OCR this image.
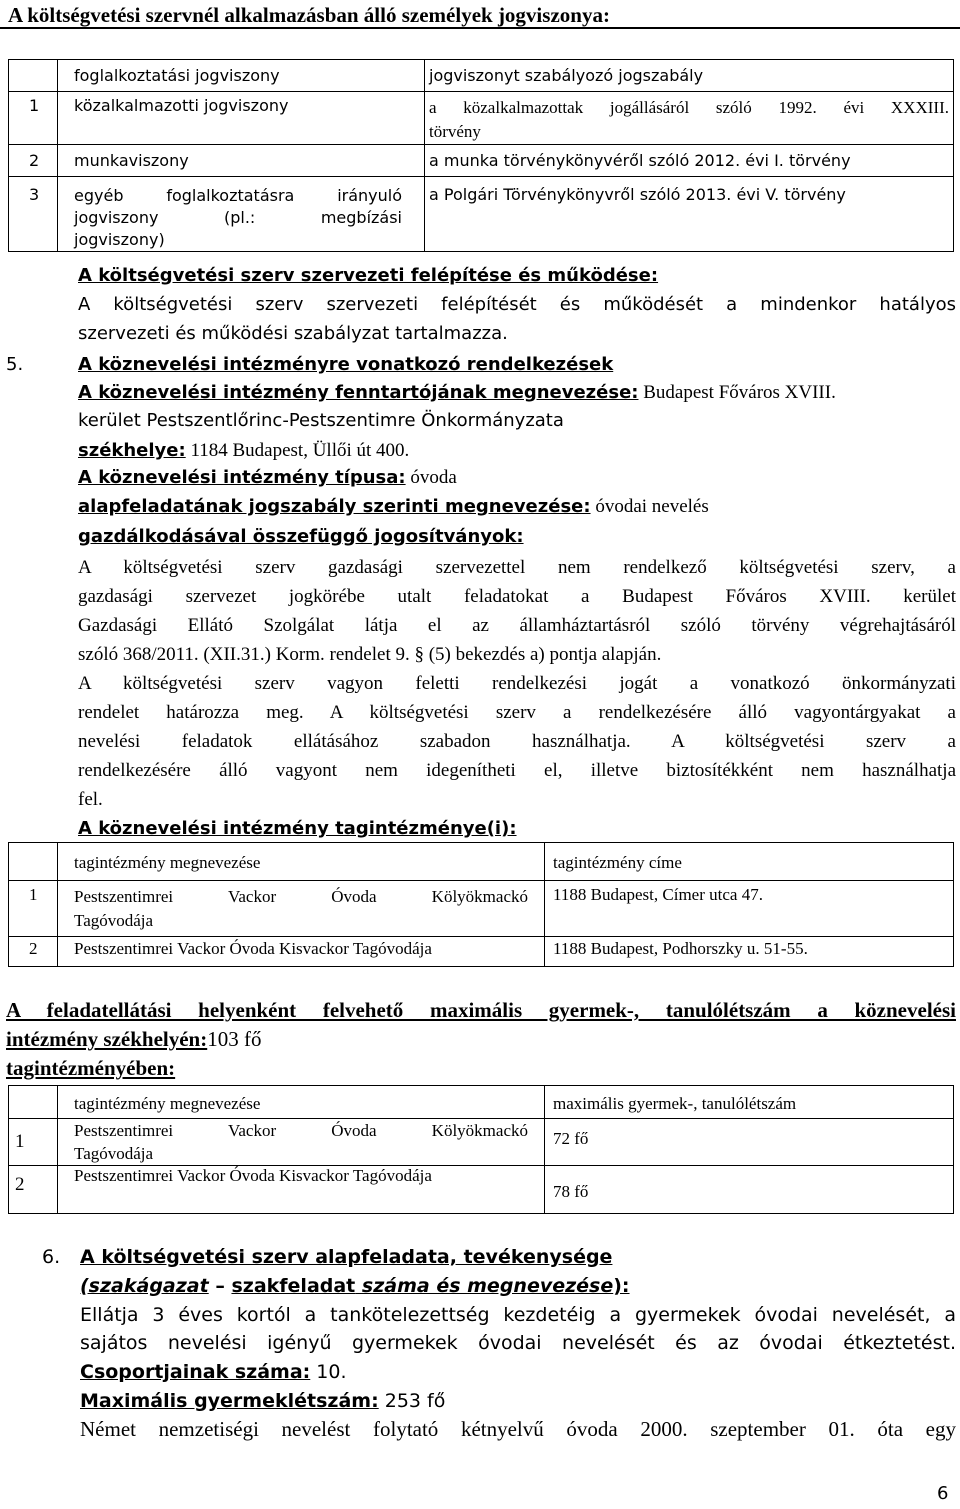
A költségvetési szervnél alkalmazásban álló személyek jogviszonya:
	foglalkoztatási jogviszony	jogviszonyt szabályozó jogszabály
1	közalkalmazotti jogviszony	a közalkalmazottak jogállásáról szóló 1992. évi XXXIII.
törvény

2	munkaviszony	a munka törvénykönyvéről szóló 2012. évi I. törvény
3	egyéb foglalkoztatásra irányuló
jogviszony (pl.: megbízási
jogviszony)	a Polgári Törvénykönyvről szóló 2013. évi V. törvény
A költségvetési szerv szervezeti felépítése és működése:
A költségvetési szerv szervezeti felépítését és működését a mindenkor hatályos
szervezeti és működési szabályzat tartalmazza.
5.	A köznevelési intézményre vonatkozó rendelkezések
A köznevelési intézmény fenntartójának megnevezése: Budapest Főváros XVIII.
kerület Pestszentlőrinc-Pestszentimre Önkormányzata
székhelye: 1184 Budapest, Üllői út 400.
A köznevelési intézmény típusa: óvoda
alapfeladatának jogszabály szerinti megnevezése: óvodai nevelés
gazdálkodásával összefüggő jogosítványok:
A költségvetési szerv gazdasági szervezettel nem rendelkező költségvetési szerv, a
gazdasági szervezet jogkörébe utalt feladatokat a Budapest Főváros XVIII. kerület
Gazdasági Ellátó Szolgálat látja el az államháztartásról szóló törvény végrehajtásáról
szóló 368/2011. (XII.31.) Korm. rendelet 9. § (5) bekezdés a) pontja alapján.
A költségvetési szerv vagyon feletti rendelkezési jogát a vonatkozó önkormányzati
rendelet határozza meg. A költségvetési szerv a rendelkezésére álló vagyontárgyakat a
nevelési feladatok ellátásához szabadon használhatja. A költségvetési szerv a
rendelkezésére álló vagyont nem idegenítheti el, illetve biztosítékként nem használhatja
fel.
A köznevelési intézmény tagintézménye(i):
	tagintézmény megnevezése	tagintézmény címe
1	Pestszentimrei Vackor Óvoda Kölyökmackó
Tagóvodája	1188 Budapest, Címer utca 47.
2	Pestszentimrei Vackor Óvoda Kisvackor Tagóvodája	1188 Budapest, Podhorszky u. 51-55.
A feladatellátási helyenként felvehető maximális gyermek-, tanulólétszám a köznevelési
intézmény székhelyén:103 fő
tagintézményében:
	tagintézmény megnevezése	maximális gyermek-, tanulólétszám
1	Pestszentimrei Vackor Óvoda Kölyökmackó
Tagóvodája	72 fő
2	Pestszentimrei Vackor Óvoda Kisvackor Tagóvodája	78 fő
6. A költségvetési szerv alapfeladata, tevékenysége
(szakágazat – szakfeladat száma és megnevezése):
Ellátja 3 éves kortól a tankötelezettség kezdetéig a gyermekek óvodai nevelését, a
sajátos nevelési igényű gyermekek óvodai nevelését és az óvodai étkeztetést.
Csoportjainak száma: 10.
Maximális gyermeklétszám: 253 fő
Német nemzetiségi nevelést folytató kétnyelvű óvoda 2000. szeptember 01. óta egy
6
